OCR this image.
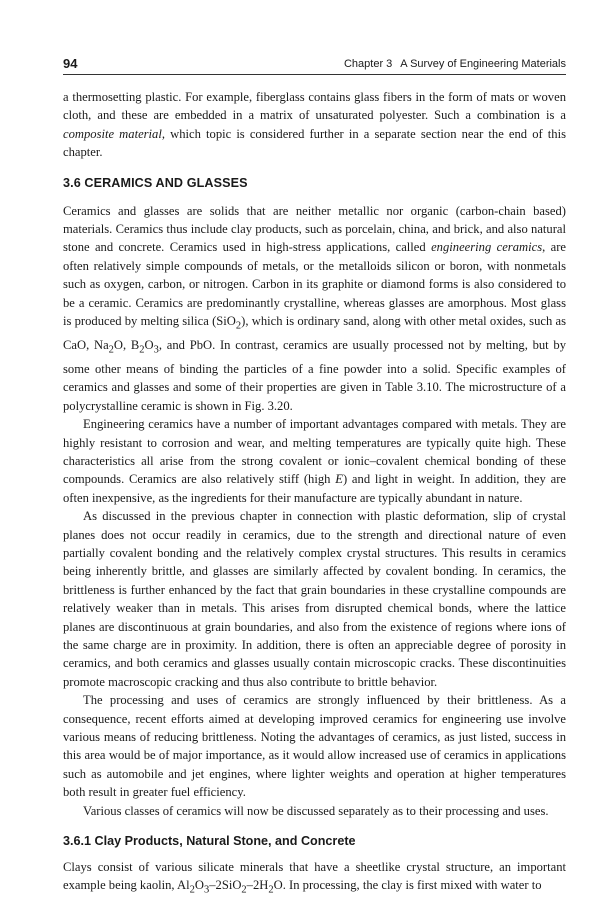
94	Chapter 3 A Survey of Engineering Materials

a thermosetting plastic. For example, fiberglass contains glass fibers in the form of mats or woven cloth, and these are embedded in a matrix of unsaturated polyester. Such a combination is a composite material, which topic is considered further in a separate section near the end of this chapter.

3.6 CERAMICS AND GLASSES

Ceramics and glasses are solids that are neither metallic nor organic (carbon-chain based) materials. Ceramics thus include clay products, such as porcelain, china, and brick, and also natural stone and concrete. Ceramics used in high-stress applications, called engineering ceramics, are often relatively simple compounds of metals, or the metalloids silicon or boron, with nonmetals such as oxygen, carbon, or nitrogen. Carbon in its graphite or diamond forms is also considered to be a ceramic. Ceramics are predominantly crystalline, whereas glasses are amorphous. Most glass is produced by melting silica (SiO$_2$), which is ordinary sand, along with other metal oxides, such as CaO, $Na_2O$, $B_2O_3$, and PbO. In contrast, ceramics are usually processed not by melting, but by some other means of binding the particles of a fine powder into a solid. Specific examples of ceramics and glasses and some of their properties are given in Table 3.10. The microstructure of a polycrystalline ceramic is shown in Fig. 3.20.

Engineering ceramics have a number of important advantages compared with metals. They are highly resistant to corrosion and wear, and melting temperatures are typically quite high. These characteristics all arise from the strong covalent or ionic–covalent chemical bonding of these compounds. Ceramics are also relatively stiff (high E) and light in weight. In addition, they are often inexpensive, as the ingredients for their manufacture are typically abundant in nature.

As discussed in the previous chapter in connection with plastic deformation, slip of crystal planes does not occur readily in ceramics, due to the strength and directional nature of even partially covalent bonding and the relatively complex crystal structures. This results in ceramics being inherently brittle, and glasses are similarly affected by covalent bonding. In ceramics, the brittleness is further enhanced by the fact that grain boundaries in these crystalline compounds are relatively weaker than in metals. This arises from disrupted chemical bonds, where the lattice planes are discontinuous at grain boundaries, and also from the existence of regions where ions of the same charge are in proximity. In addition, there is often an appreciable degree of porosity in ceramics, and both ceramics and glasses usually contain microscopic cracks. These discontinuities promote macroscopic cracking and thus also contribute to brittle behavior.

The processing and uses of ceramics are strongly influenced by their brittleness. As a consequence, recent efforts aimed at developing improved ceramics for engineering use involve various means of reducing brittleness. Noting the advantages of ceramics, as just listed, success in this area would be of major importance, as it would allow increased use of ceramics in applications such as automobile and jet engines, where lighter weights and operation at higher temperatures both result in greater fuel efficiency.

Various classes of ceramics will now be discussed separately as to their processing and uses.

3.6.1 Clay Products, Natural Stone, and Concrete

Clays consist of various silicate minerals that have a sheetlike crystal structure, an important example being kaolin, $Al_2O_3-2SiO_2-2H_2O$. In processing, the clay is first mixed with water to
